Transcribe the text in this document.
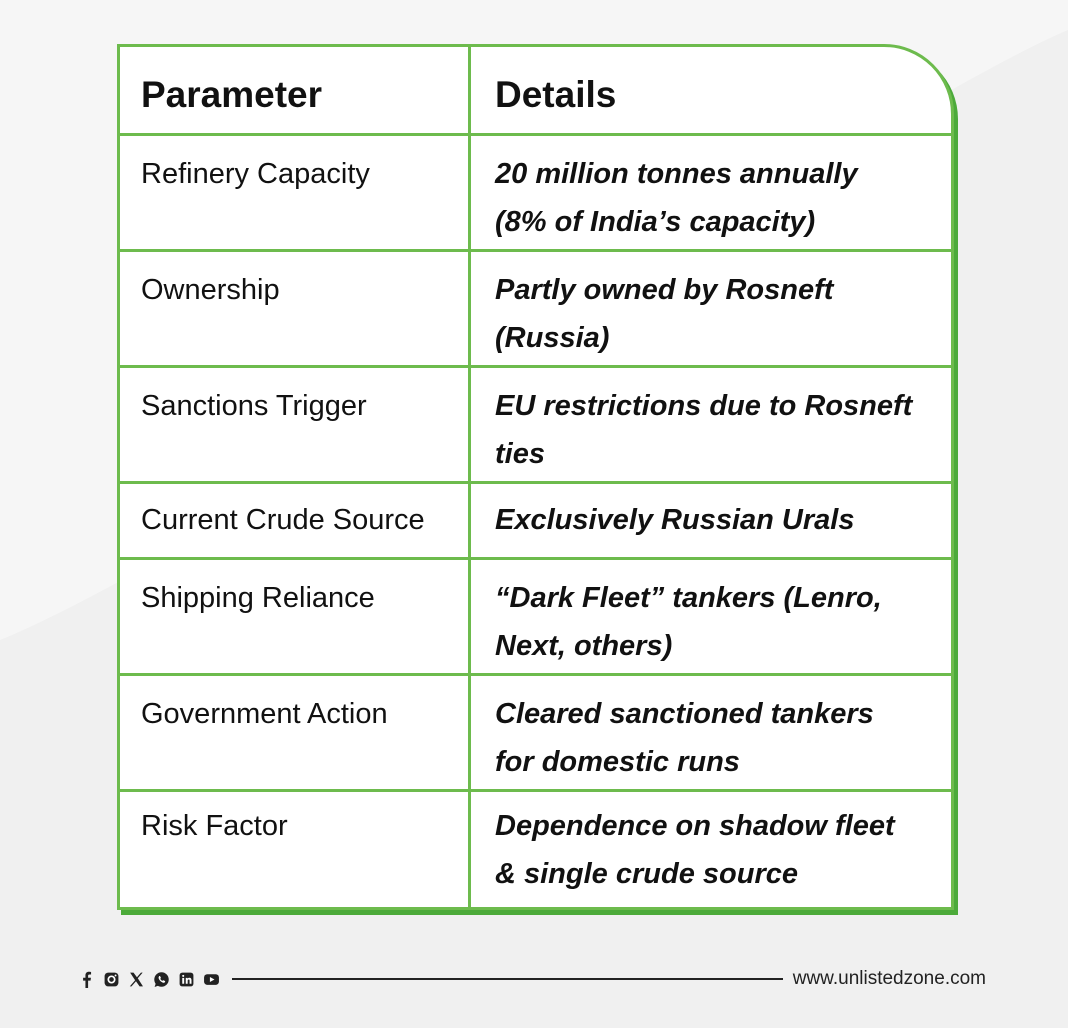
Parameter	Details
Refinery Capacity	20 million tonnes annually
(8% of India’s capacity)
Ownership	Partly owned by Rosneft
(Russia)
Sanctions Trigger	EU restrictions due to Rosneft
ties
Current Crude Source	Exclusively Russian Urals
Shipping Reliance	“Dark Fleet” tankers (Lenro,
Next, others)
Government Action	Cleared sanctioned tankers
for domestic runs
Risk Factor	Dependence on shadow fleet
& single crude source
www.unlistedzone.com
